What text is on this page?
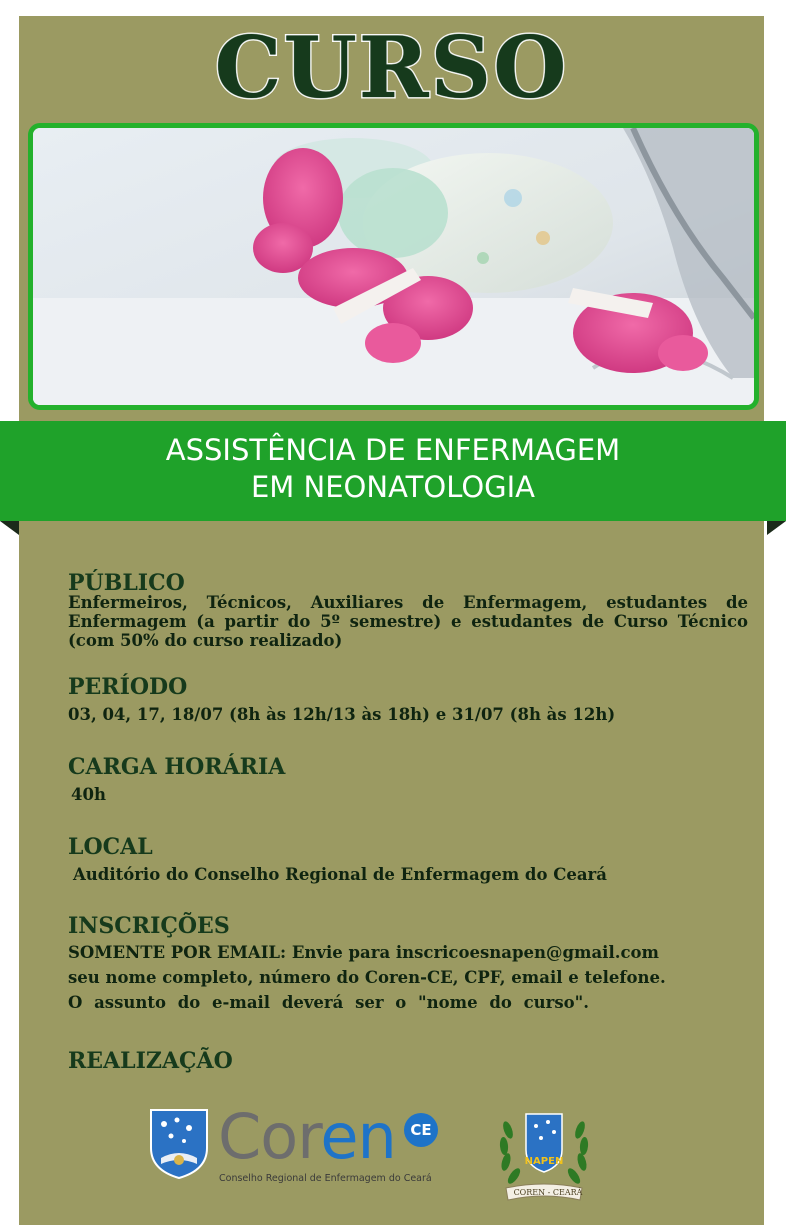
CURSO
ASSISTÊNCIA DE ENFERMAGEM
EM NEONATOLOGIA

PÚBLICO

Enfermeiros, Técnicos, Auxiliares de Enfermagem, estudantes de Enfermagem (a partir do 5º semestre) e estudantes de Curso Técnico (com 50% do curso realizado)

PERÍODO

03, 04, 17, 18/07 (8h às 12h/13 às 18h) e 31/07 (8h às 12h)

CARGA HORÁRIA

40h

LOCAL

Auditório do Conselho Regional de Enfermagem do Ceará

INSCRIÇÕES

SOMENTE POR EMAIL: Envie para inscricoesnapen@gmail.com

seu nome completo, número do Coren-CE, CPF, email e telefone.

O assunto do e-mail deverá ser o "nome do curso".

REALIZAÇÃO

Coren CE
Conselho Regional de Enfermagem do Ceará
NAPEN
COREN - CEARÁ
